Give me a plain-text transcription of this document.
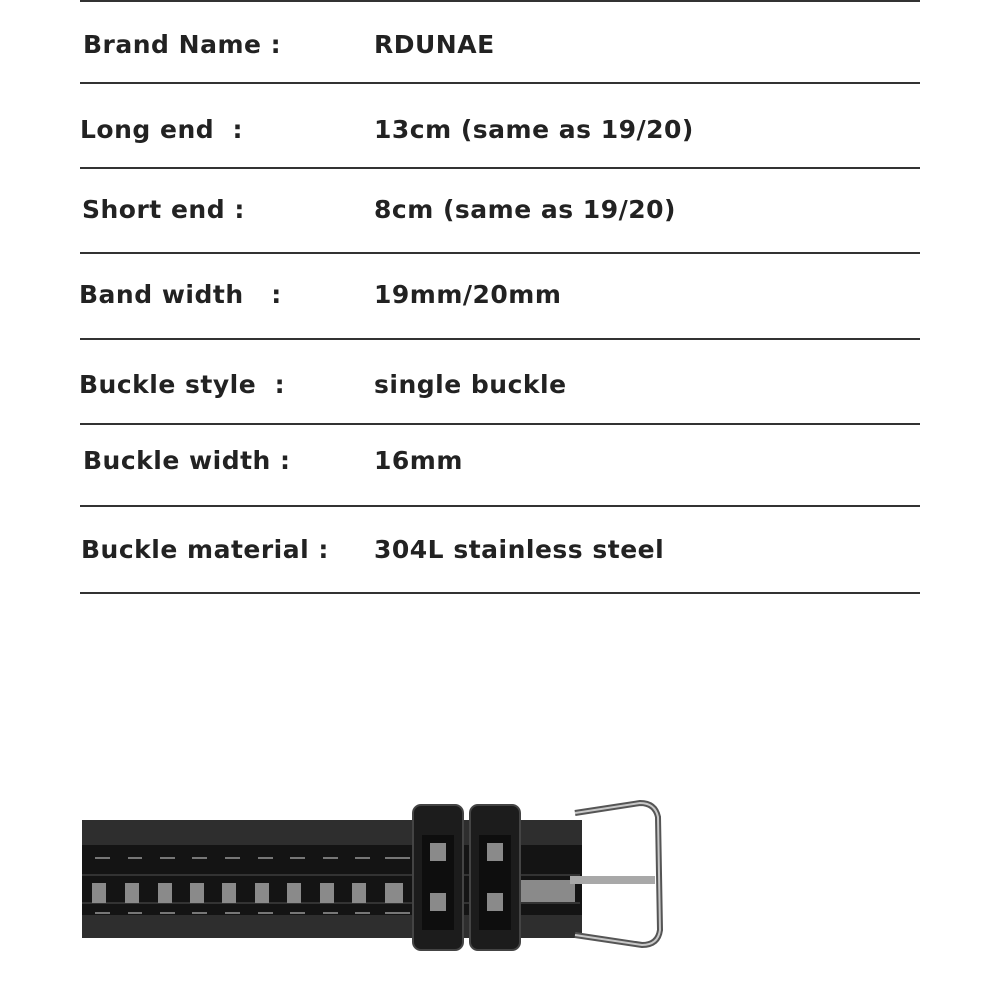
Brand Name :	RDUNAE
Long end  :	13cm (same as 19/20)
Short end :	8cm (same as 19/20)
Band width   :	19mm/20mm
Buckle style  :	single buckle
Buckle width :	16mm
Buckle material : 304L stainless steel
